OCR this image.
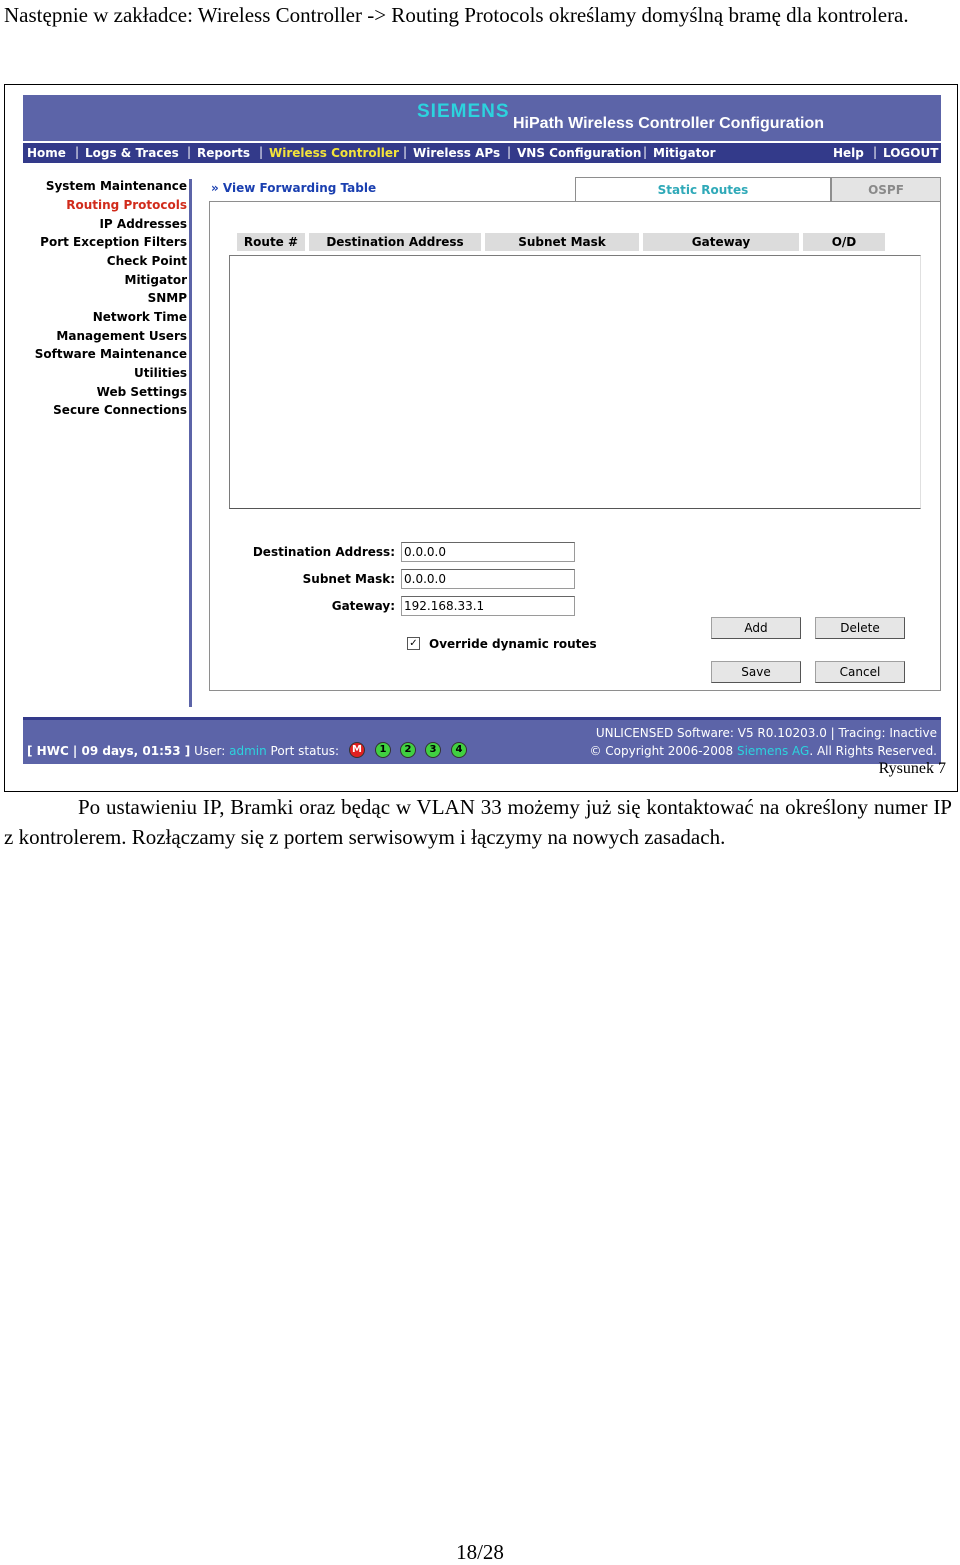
Następnie w zakładce: Wireless Controller -> Routing Protocols określamy domyślną bramę dla kontrolera.
SIEMENS
HiPath Wireless Controller Configuration
Home | Logs & Traces | Reports | Wireless Controller | Wireless APs | VNS Configuration | Mitigator	Help | LOGOUT
System Maintenance
Routing Protocols
IP Addresses
Port Exception Filters
Check Point
Mitigator
SNMP
Network Time
Management Users
Software Maintenance
Utilities
Web Settings
Secure Connections
» View Forwarding Table	Static Routes	OSPF
Route #	Destination Address	Subnet Mask	Gateway	O/D
Destination Address: 0.0.0.0
Subnet Mask: 0.0.0.0
Gateway: 192.168.33.1
✓ Override dynamic routes
Add	Delete
Save	Cancel
[ HWC | 09 days, 01:53 ] User: admin Port status:	M	1	2	3	4
UNLICENSED Software: V5 R0.10203.0 | Tracing: Inactive
© Copyright 2006-2008 Siemens AG. All Rights Reserved.
Rysunek 7
Po ustawieniu IP, Bramki oraz będąc w VLAN 33 możemy już się kontaktować na określony numer IP z kontrolerem. Rozłączamy się z portem serwisowym i łączymy na nowych zasadach.
18/28
